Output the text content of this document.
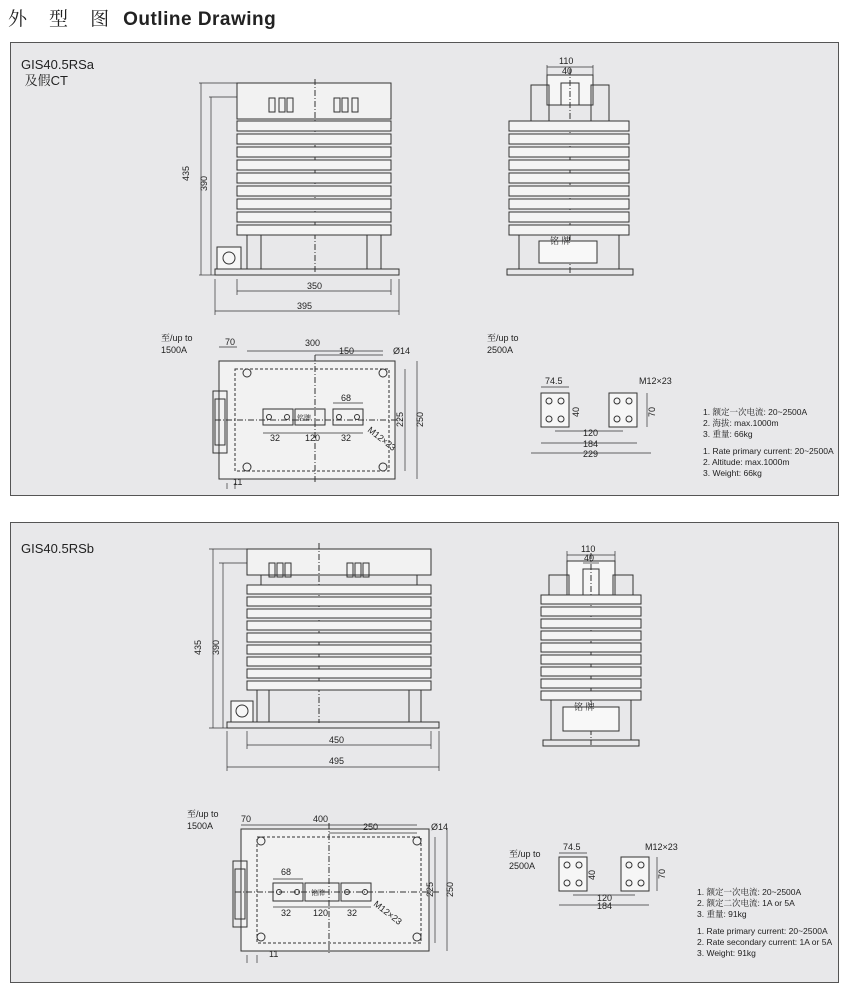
外 型 图 Outline Drawing
GIS40.5RSa
及假CT
435
390
350
395
110
40
铭 牌
至/up to
1500A
70	300
150	Ø14
68
铭牌
32	120 32 M12×23
225 250
11
至/up to
2500A
74.5	M12×23
40	70
120
184
229
1. 额定一次电流: 20~2500A
2. 海拔: max.1000m
3. 重量: 66kg
1. Rate primary current: 20~2500A
2. Altitude: max.1000m
3. Weight: 66kg
GIS40.5RSb
435 390
450
495
110
40
铭 牌
至/up to
1500A
70	400
250	Ø14
68
铭牌
32 120 32 M12×23
225 250
11
至/up to
2500A
74.5	M12×23
40	70
120
184
1. 额定一次电流: 20~2500A
2. 额定二次电流: 1A or 5A
3. 重量: 91kg
1. Rate primary current: 20~2500A
2. Rate secondary current: 1A or 5A
3. Weight: 91kg
